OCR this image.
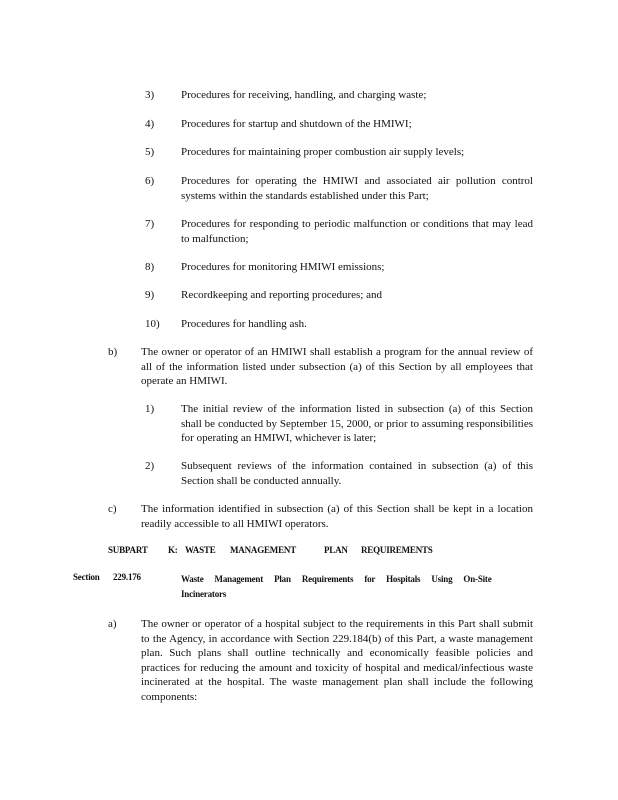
3) Procedures for receiving, handling, and charging waste;
4) Procedures for startup and shutdown of the HMIWI;
5) Procedures for maintaining proper combustion air supply levels;
6) Procedures for operating the HMIWI and associated air pollution control systems within the standards established under this Part;
7) Procedures for responding to periodic malfunction or conditions that may lead to malfunction;
8) Procedures for monitoring HMIWI emissions;
9) Recordkeeping and reporting procedures; and
10) Procedures for handling ash.
b) The owner or operator of an HMIWI shall establish a program for the annual review of all of the information listed under subsection (a) of this Section by all employees that operate an HMIWI.
1) The initial review of the information listed in subsection (a) of this Section shall be conducted by September 15, 2000, or prior to assuming responsibilities for operating an HMIWI, whichever is later;
2) Subsequent reviews of the information contained in subsection (a) of this Section shall be conducted annually.
c) The information identified in subsection (a) of this Section shall be kept in a location readily accessible to all HMIWI operators.
SUBPART K: WASTE MANAGEMENT	PLAN REQUIREMENTS
Section 229.176	Waste Management Plan Requirements for Hospitals Using On-Site Incinerators
a) The owner or operator of a hospital subject to the requirements in this Part shall submit to the Agency, in accordance with Section 229.184(b) of this Part, a waste management plan. Such plans shall outline technically and economically feasible policies and practices for reducing the amount and toxicity of hospital and medical/infectious waste incinerated at the hospital. The waste management plan shall include the following components:
